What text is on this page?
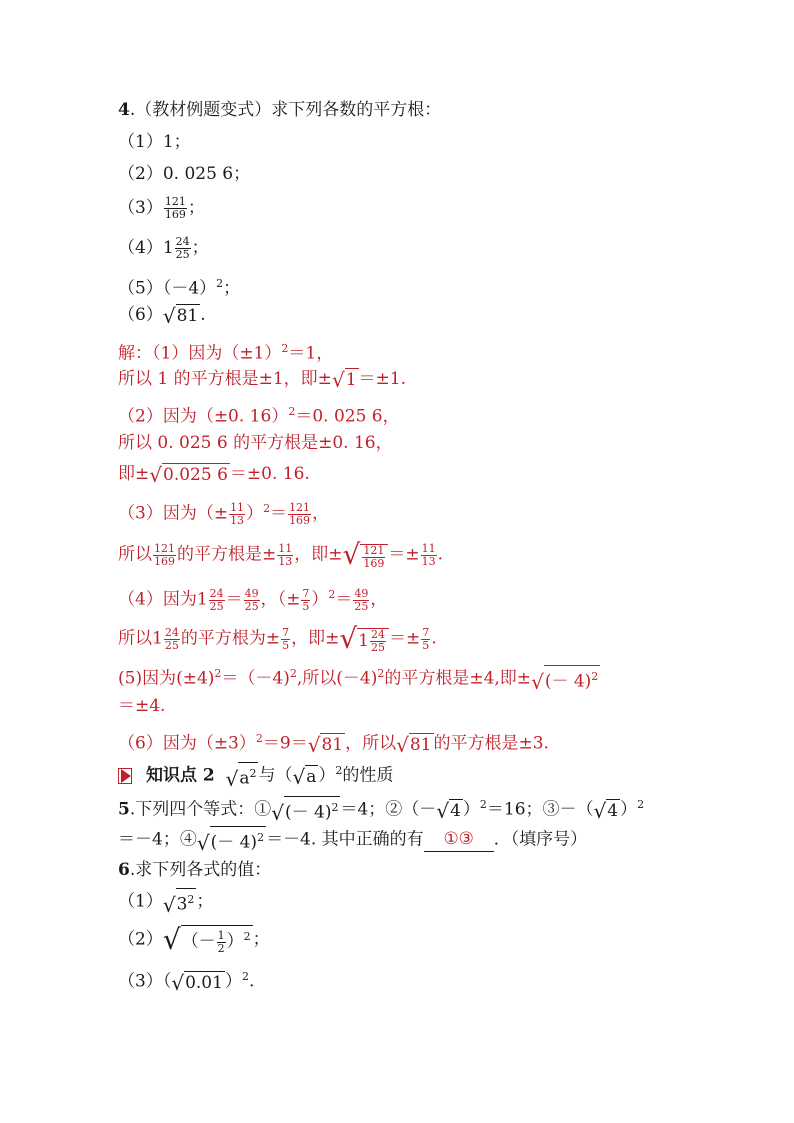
4.（教材例题变式）求下列各数的平方根：
（1）1；
（2）0. 025 6；
$(3) \frac{121}{169}$ ；
$(4)1 \frac{24}{25}$ ；
$(5)(-4)^2$；
（6） √ 81 .
解：（1）因为$(\pm 1)^2=1$，
所以 1 的平方根是±1，即± √ 1 ＝±1.
（2）因为（±0. 16）$^2$＝0. 025 6，
所以 0. 025 6 的平方根是±0. 16，
即± √ 0.025 6 ＝±0. 16.
（3）因为（± $\frac{11}{13} )^2= \frac{121}{169}$ ，
所以 $\frac{121}{169}$ 的平方根是± $\frac{11}{13}$ ，即± √ $\frac{121}{169} =\pm \frac{11}{13}$ .
（4）因为$1 \frac{24}{25} = \frac{49}{25}$ ，（± $\frac{7}{5} )^2= \frac{49}{25}$ ，
所以$1 \frac{24}{25}$ 的平方根为± $\frac{7}{5}$ ，即± √ $1 \frac{24}{25} =\pm \frac{7}{5}$ .
(5)因为$(\pm 4)^2=(-4)^2$,所以$(-4)^2$的平方根是±4,即± √ (－ 4)$^2$
＝±4.
（6）因为$(\pm 3)^2=9=$ √ 81 ，所以 √ 81 的平方根是±3.
知识点 2 √ $a^2$ 与（ √ a ）$^2$的性质
5.下列四个等式：① √ (－ 4)$^2$ ＝4；②（－ √ 4 ）$^2$＝16；③－（ √ 4 ）$^2$
＝－4；④ √ (－ 4)$^2$ ＝－4. 其中正确的有 ①③ ．（填序号）
6.求下列各式的值：
（1） √ $3^2$ ；
（2） √ （－ $\frac{1}{2} )^2$ ；
（3）（ √ 0.01 ）$^2$.
